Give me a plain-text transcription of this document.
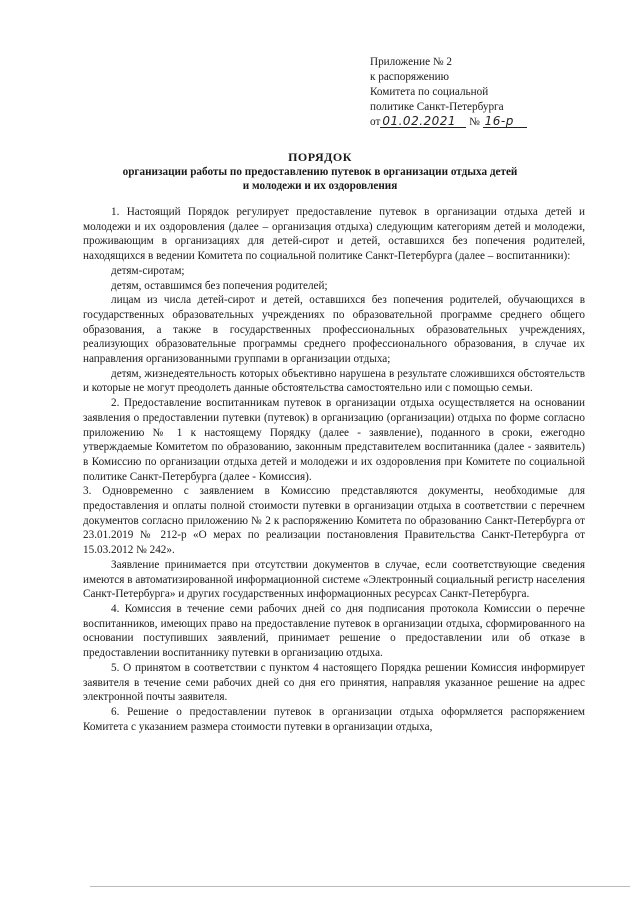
Приложение № 2
к распоряжению
Комитета по социальной
политике Санкт-Петербурга
от 01.02.2021 № 16-р
ПОРЯДОК
организации работы по предоставлению путевок в организации отдыха детей
и молодежи и их оздоровления

1. Настоящий Порядок регулирует предоставление путевок в организации отдыха детей и молодежи и их оздоровления (далее – организация отдыха) следующим категориям детей и молодежи, проживающим в организациях для детей-сирот и детей, оставшихся без попечения родителей, находящихся в ведении Комитета по социальной политике Санкт-Петербурга (далее – воспитанники):

детям-сиротам;

детям, оставшимся без попечения родителей;

лицам из числа детей-сирот и детей, оставшихся без попечения родителей, обучающихся в государственных образовательных учреждениях по образовательной программе среднего общего образования, а также в государственных профессиональных образовательных учреждениях, реализующих образовательные программы среднего профессионального образования, в случае их направления организованными группами в организации отдыха;

детям, жизнедеятельность которых объективно нарушена в результате сложившихся обстоятельств и которые не могут преодолеть данные обстоятельства самостоятельно или с помощью семьи.

2. Предоставление воспитанникам путевок в организации отдыха осуществляется на основании заявления о предоставлении путевки (путевок) в организацию (организации) отдыха по форме согласно приложению № 1 к настоящему Порядку (далее - заявление), поданного в сроки, ежегодно утверждаемые Комитетом по образованию, законным представителем воспитанника (далее - заявитель) в Комиссию по организации отдыха детей и молодежи и их оздоровления при Комитете по социальной политике Санкт-Петербурга (далее - Комиссия).

3. Одновременно с заявлением в Комиссию представляются документы, необходимые для предоставления и оплаты полной стоимости путевки в организации отдыха в соответствии с перечнем документов согласно приложению № 2 к распоряжению Комитета по образованию Санкт-Петербурга от 23.01.2019 № 212-р «О мерах по реализации постановления Правительства Санкт-Петербурга от 15.03.2012 № 242».

Заявление принимается при отсутствии документов в случае, если соответствующие сведения имеются в автоматизированной информационной системе «Электронный социальный регистр населения Санкт-Петербурга» и других государственных информационных ресурсах Санкт-Петербурга.

4. Комиссия в течение семи рабочих дней со дня подписания протокола Комиссии о перечне воспитанников, имеющих право на предоставление путевок в организации отдыха, сформированного на основании поступивших заявлений, принимает решение о предоставлении или об отказе в предоставлении воспитаннику путевки в организацию отдыха.

5. О принятом в соответствии с пунктом 4 настоящего Порядка решении Комиссия информирует заявителя в течение семи рабочих дней со дня его принятия, направляя указанное решение на адрес электронной почты заявителя.

6. Решение о предоставлении путевок в организации отдыха оформляется распоряжением Комитета с указанием размера стоимости путевки в организации отдыха,
